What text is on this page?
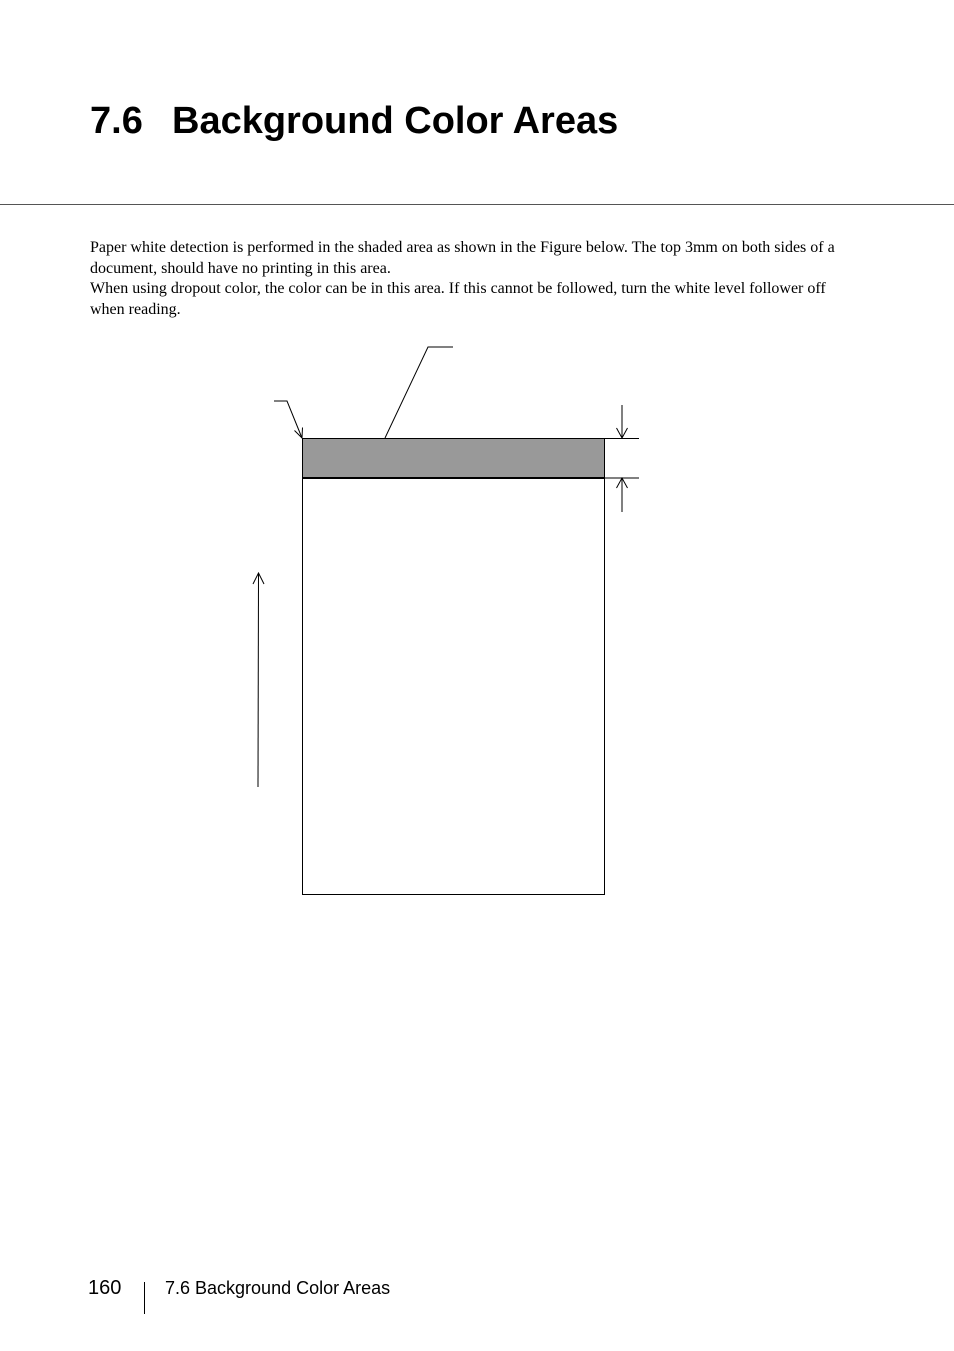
7.6 Background Color Areas

Paper white detection is performed in the shaded area as shown in the Figure below. The top 3mm on both sides of a document, should have no printing in this area.

When using dropout color, the color can be in this area. If this cannot be followed, turn the white level follower off when reading.

160 7.6 Background Color Areas
